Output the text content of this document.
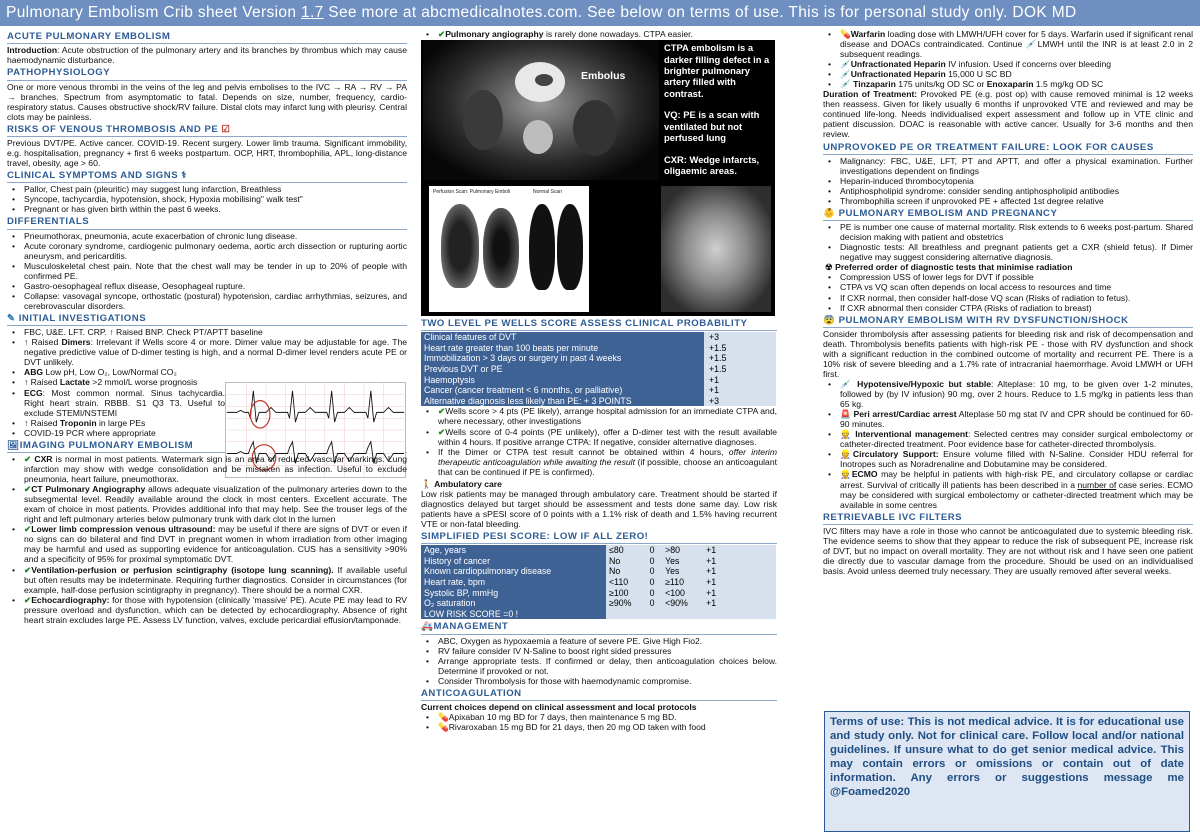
Pulmonary Embolism Crib sheet Version 1.7 See more at abcmedicalnotes.com. See below on terms of use. This is for personal study only. DOK MD
ACUTE PULMONARY EMBOLISM
Introduction: Acute obstruction of the pulmonary artery and its branches by thrombus which may cause haemodynamic disturbance.
PATHOPHYSIOLOGY
One or more venous thrombi in the veins of the leg and pelvis embolises to the IVC → RA → RV → PA → branches. Spectrum from asymptomatic to fatal. Depends on size, number, frequency, cardio-respiratory status. Causes obstructive shock/RV failure. Distal clots may infarct lung with pleurisy. Central clots may be painless.
RISKS OF VENOUS THROMBOSIS AND PE ☑
Previous DVT/PE. Active cancer. COVID-19. Recent surgery. Lower limb trauma. Significant immobility, e.g. hospitalisation, pregnancy + first 6 weeks postpartum. OCP, HRT, thrombophilia, APL, long-distance travel, obesity, age > 60.
CLINICAL SYMPTOMS AND SIGNS ⚕
• Pallor, Chest pain (pleuritic) may suggest lung infarction, Breathless
• Syncope, tachycardia, hypotension, shock, Hypoxia mobilising" walk test"
• Pregnant or has given birth within the past 6 weeks.
DIFFERENTIALS
• Pneumothorax, pneumonia, acute exacerbation of chronic lung disease.
• Acute coronary syndrome, cardiogenic pulmonary oedema, aortic arch dissection or rupturing aortic aneurysm, and pericarditis.
• Musculoskeletal chest pain. Note that the chest wall may be tender in up to 20% of people with confirmed PE.
• Gastro-oesophageal reflux disease, Oesophageal rupture.
• Collapse: vasovagal syncope, orthostatic (postural) hypotension, cardiac arrhythmias, seizures, and cerebrovascular disorders.
✎ INITIAL INVESTIGATIONS
• FBC, U&E. LFT. CRP. ↑ Raised BNP. Check PT/APTT baseline
• ↑ Raised Dimers: Irrelevant if Wells score 4 or more. Dimer value may be adjustable for age. The negative predictive value of D-dimer testing is high, and a normal D-dimer level renders acute PE or DVT unlikely.
• ABG Low pH, Low O₂, Low/Normal CO₂
• ↑ Raised Lactate >2 mmol/L worse prognosis
• ECG: Most common normal. Sinus tachycardia. Right heart strain. RBBB. S1 Q3 T3. Useful to exclude STEMI/NSTEMI
• ↑ Raised Troponin in large PEs
• COVID-19 PCR where appropriate
🖼IMAGING PULMONARY EMBOLISM
• ✔ CXR is normal in most patients. Watermark sign is an area of reduced vascular markings. Lung infarction may show with wedge consolidation and be mistaken as infection. Useful to exclude pneumonia, heart failure, pneumothorax.
• ✔CT Pulmonary Angiography allows adequate visualization of the pulmonary arteries down to the subsegmental level. Readily available around the clock in most centers. Excellent accurate. The exam of choice in most patients. Provides additional info that may help. See the trouser legs of the right and left pulmonary arteries below pulmonary trunk with dark clot in the lumen
• ✔Lower limb compression venous ultrasound: may be useful if there are signs of DVT or even if no signs can do bilateral and find DVT in pregnant women in whom irradiation from other imaging may be harmful and used as supporting evidence for anticoagulation. CUS has a sensitivity >90% and a specificity of 95% for proximal symptomatic DVT.
• ✔Ventilation-perfusion or perfusion scintigraphy (isotope lung scanning). If available useful but often results may be indeterminate. Requiring further diagnostics. Consider in circumstances (for example, half-dose perfusion scintigraphy in pregnancy). There should be a normal CXR.
• ✔Echocardiography: for those with hypotension (clinically 'massive' PE). Acute PE may lead to RV pressure overload and dysfunction, which can be detected by echocardiography. Absence of right heart strain excludes large PE. Assess LV function, valves, exclude pericardial effusion/tamponade.
• ✔Pulmonary angiography is rarely done nowadays. CTPA easier.
Embolus
CTPA embolism is a darker filling defect in a brighter pulmonary artery filled with contrast.
VQ: PE is a scan with ventilated but not perfused lung
CXR: Wedge infarcts, oligaemic areas.
Perfusion Scan: Pulmonary Emboli	Normal Scan
TWO LEVEL PE WELLS SCORE ASSESS CLINICAL PROBABILITY
Clinical features of DVT	+3
Heart rate greater than 100 beats per minute	+1.5
Immobilization > 3 days or surgery in past 4 weeks	+1.5
Previous DVT or PE	+1.5
Haemoptysis	+1
Cancer (cancer treatment < 6 months, or palliative)	+1
Alternative diagnosis less likely than PE: + 3 POINTS	+3
• ✔Wells score > 4 pts (PE likely), arrange hospital admission for an immediate CTPA and, where necessary, other investigations
• ✔Wells score of 0-4 points (PE unlikely), offer a D-dimer test with the result available within 4 hours. If positive arrange CTPA: If negative, consider alternative diagnoses.
• If the Dimer or CTPA test result cannot be obtained within 4 hours, offer interim therapeutic anticoagulation while awaiting the result (if possible, choose an anticoagulant that can be continued if PE is confirmed).
🚶 Ambulatory care
Low risk patients may be managed through ambulatory care. Treatment should be started if diagnostics delayed but target should be assessment and tests done same day. Low risk patients have a sPESI score of 0 points with a 1.1% risk of death and 1.5% having recurrent VTE or non-fatal bleeding.
SIMPLIFIED PESI SCORE: LOW IF ALL ZERO!
Age, years	≤80	0	>80	+1	
History of cancer	No	0	Yes	+1	
Known cardiopulmonary disease	No	0	Yes	+1	
Heart rate, bpm	<110	0	≥110	+1	
Systolic BP, mmHg	≥100	0	<100	+1	
O₂ saturation	≥90%	0	<90%	+1	
LOW RISK SCORE =0 !					
🚑MANAGEMENT
• ABC, Oxygen as hypoxaemia a feature of severe PE. Give High Fio2.
• RV failure consider IV N-Saline to boost right sided pressures
• Arrange appropriate tests. If confirmed or delay, then anticoagulation choices below. Determine if provoked or not.
• Consider Thrombolysis for those with haemodynamic compromise.
ANTICOAGULATION
Current choices depend on clinical assessment and local protocols
• 💊Apixaban 10 mg BD for 7 days, then maintenance 5 mg BD.
• 💊Rivaroxaban 15 mg BD for 21 days, then 20 mg OD taken with food
• 💊Warfarin loading dose with LMWH/UFH cover for 5 days. Warfarin used if significant renal disease and DOACs contraindicated. Continue 💉LMWH until the INR is at least 2.0 in 2 subsequent readings.
• 💉Unfractionated Heparin IV infusion. Used if concerns over bleeding
• 💉Unfractionated Heparin 15,000 U SC BD
• 💉 Tinzaparin 175 units/kg OD SC or Enoxaparin 1.5 mg/kg OD SC
Duration of Treatment: Provoked PE (e.g. post op) with cause removed minimal is 12 weeks then reassess. Given for likely usually 6 months if unprovoked VTE and reviewed and may be continued life-long. Needs individualised expert assessment and follow up in VTE clinic and patient discussion. DOAC is reasonable with active cancer. Usually for 3-6 months and then review.
UNPROVOKED PE OR TREATMENT FAILURE: LOOK FOR CAUSES
• Malignancy: FBC, U&E, LFT, PT and APTT, and offer a physical examination. Further investigations dependent on findings
• Heparin-induced thrombocytopenia
• Antiphospholipid syndrome: consider sending antiphospholipid antibodies
• Thrombophilia screen if unprovoked PE + affected 1st degree relative
👶 PULMONARY EMBOLISM AND PREGNANCY
• PE is number one cause of maternal mortality. Risk extends to 6 weeks post-partum. Shared decision making with patient and obstetrics
• Diagnostic tests: All breathless and pregnant patients get a CXR (shield fetus). If Dimer negative may suggest considering alternative diagnosis.
☢ Preferred order of diagnostic tests that minimise radiation
• Compression USS of lower legs for DVT if possible
• CTPA vs VQ scan often depends on local access to resources and time
• If CXR normal, then consider half-dose VQ scan (Risks of radiation to fetus).
• If CXR abnormal then consider CTPA (Risks of radiation to breast)
😨 PULMONARY EMBOLISM WITH RV DYSFUNCTION/SHOCK
Consider thrombolysis after assessing patients for bleeding risk and risk of decompensation and death. Thrombolysis benefits patients with high-risk PE - those with RV dysfunction and shock with a significant reduction in the combined outcome of mortality and recurrent PE. There is a 10% risk of severe bleeding and a 1.7% rate of intracranial haemorrhage. Avoid LMWH or UFH first.
• 💉 Hypotensive/Hypoxic but stable: Alteplase: 10 mg, to be given over 1-2 minutes, followed by (by IV infusion) 90 mg, over 2 hours. Reduce to 1.5 mg/kg in patients less than 65 kg.
• 🚨 Peri arrest/Cardiac arrest Alteplase 50 mg stat IV and CPR should be continued for 60-90 minutes.
• 👷 Interventional management: Selected centres may consider surgical embolectomy or catheter-directed treatment. Poor evidence base for catheter-directed thrombolysis.
• 👷Circulatory Support: Ensure volume filled with N-Saline. Consider HDU referral for Inotropes such as Noradrenaline and Dobutamine may be considered.
• 👷ECMO may be helpful in patients with high-risk PE, and circulatory collapse or cardiac arrest. Survival of critically ill patients has been described in a number of case series. ECMO may be considered with surgical embolectomy or catheter-directed treatment which may be available in some centres
RETRIEVABLE IVC FILTERS
IVC filters may have a role in those who cannot be anticoagulated due to systemic bleeding risk. The evidence seems to show that they appear to reduce the risk of subsequent PE, increase risk of DVT, but no impact on overall mortality. They are not without risk and I have seen one patient die directly due to vascular damage from the procedure. Should be used on an individualised basis. Avoid unless deemed truly necessary. They are usually removed after several weeks.
Terms of use: This is not medical advice. It is for educational use and study only. Not for clinical care. Follow local and/or national guidelines. If unsure what to do get senior medical advice. This may contain errors or omissions or contain out of date information. Any errors or suggestions message me @Foamed2020
